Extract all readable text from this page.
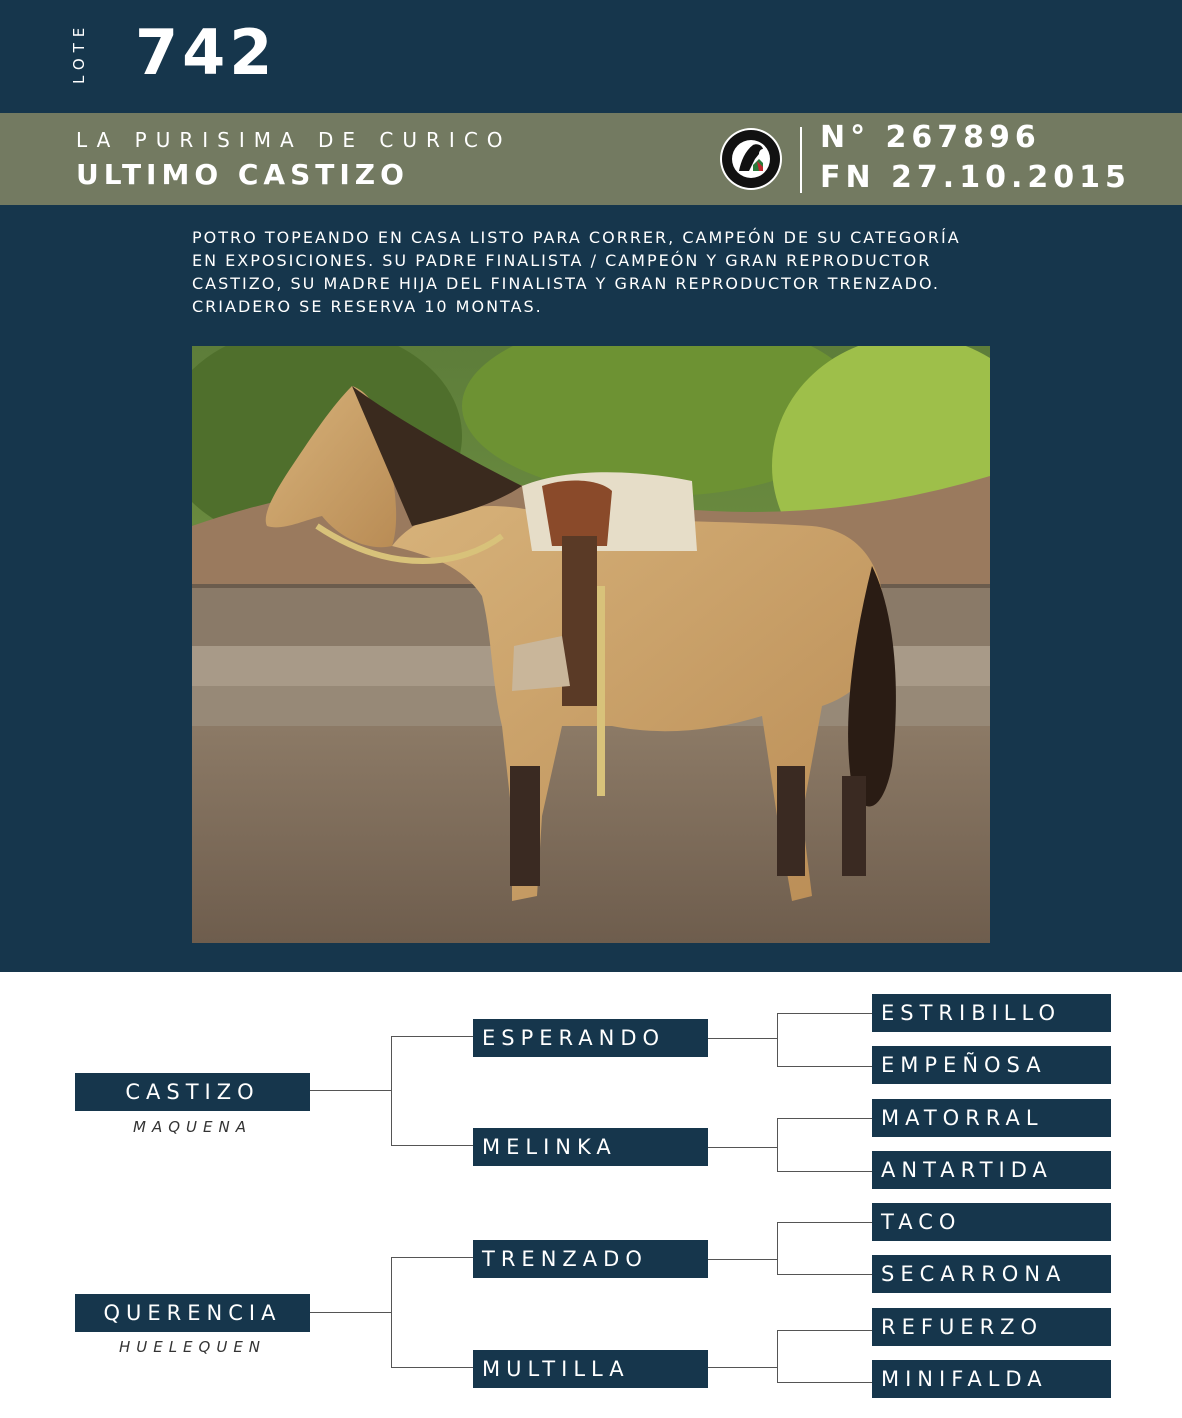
LOTE 742
LA PURISIMA DE CURICO
ULTIMO CASTIZO
N° 267896
FN 27.10.2015
POTRO TOPEANDO EN CASA LISTO PARA CORRER, CAMPEÓN DE SU CATEGORÍA EN EXPOSICIONES. SU PADRE FINALISTA / CAMPEÓN Y GRAN REPRODUCTOR CASTIZO, SU MADRE HIJA DEL FINALISTA Y GRAN REPRODUCTOR TRENZADO. CRIADERO SE RESERVA 10 MONTAS.
CASTIZO
MAQUENA
QUERENCIA
HUELEQUEN
ESPERANDO
MELINKA
TRENZADO
MULTILLA
ESTRIBILLO
EMPEÑOSA
MATORRAL
ANTARTIDA
TACO
SECARRONA
REFUERZO
MINIFALDA
